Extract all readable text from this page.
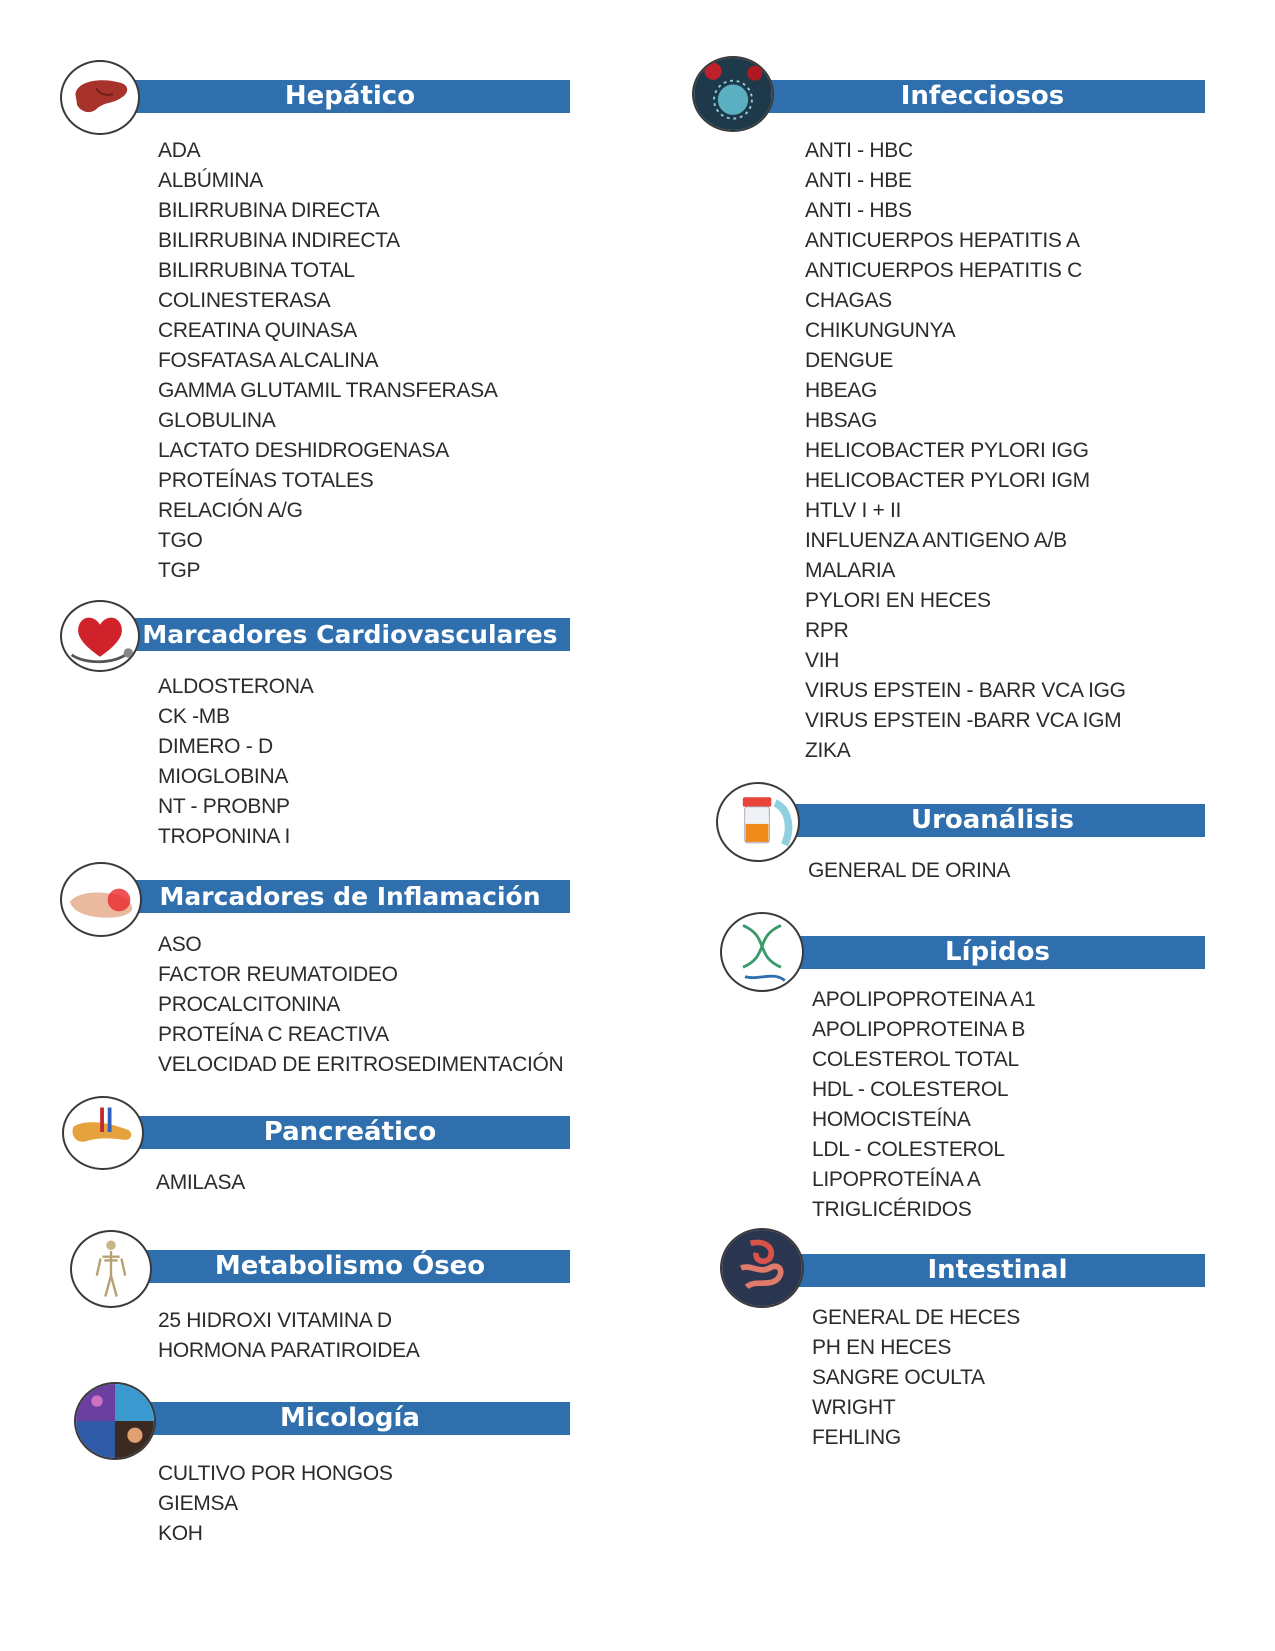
Hepático
ADA
ALBÚMINA
BILIRRUBINA DIRECTA
BILIRRUBINA INDIRECTA
BILIRRUBINA TOTAL
COLINESTERASA
CREATINA QUINASA
FOSFATASA ALCALINA
GAMMA GLUTAMIL TRANSFERASA
GLOBULINA
LACTATO DESHIDROGENASA
PROTEÍNAS TOTALES
RELACIÓN A/G
TGO
TGP
Marcadores Cardiovasculares
ALDOSTERONA
CK -MB
DIMERO - D
MIOGLOBINA
NT - PROBNP
TROPONINA I
Marcadores de Inflamación
ASO
FACTOR REUMATOIDEO
PROCALCITONINA
PROTEÍNA C REACTIVA
VELOCIDAD DE ERITROSEDIMENTACIÓN
Pancreático
AMILASA
Metabolismo Óseo
25 HIDROXI VITAMINA D
HORMONA PARATIROIDEA
Micología
CULTIVO POR HONGOS
GIEMSA
KOH
Infecciosos
ANTI - HBC
ANTI - HBE
ANTI - HBS
ANTICUERPOS HEPATITIS A
ANTICUERPOS HEPATITIS C
CHAGAS
CHIKUNGUNYA
DENGUE
HBEAG
HBSAG
HELICOBACTER PYLORI IGG
HELICOBACTER PYLORI IGM
HTLV I + II
INFLUENZA ANTIGENO A/B
MALARIA
PYLORI EN HECES
RPR
VIH
VIRUS EPSTEIN - BARR VCA IGG
VIRUS EPSTEIN -BARR VCA IGM
ZIKA
Uroanálisis
GENERAL DE ORINA
Lípidos
APOLIPOPROTEINA A1
APOLIPOPROTEINA B
COLESTEROL TOTAL
HDL - COLESTEROL
HOMOCISTEÍNA
LDL - COLESTEROL
LIPOPROTEÍNA A
TRIGLICÉRIDOS
Intestinal
GENERAL DE HECES
PH EN HECES
SANGRE OCULTA
WRIGHT
FEHLING
